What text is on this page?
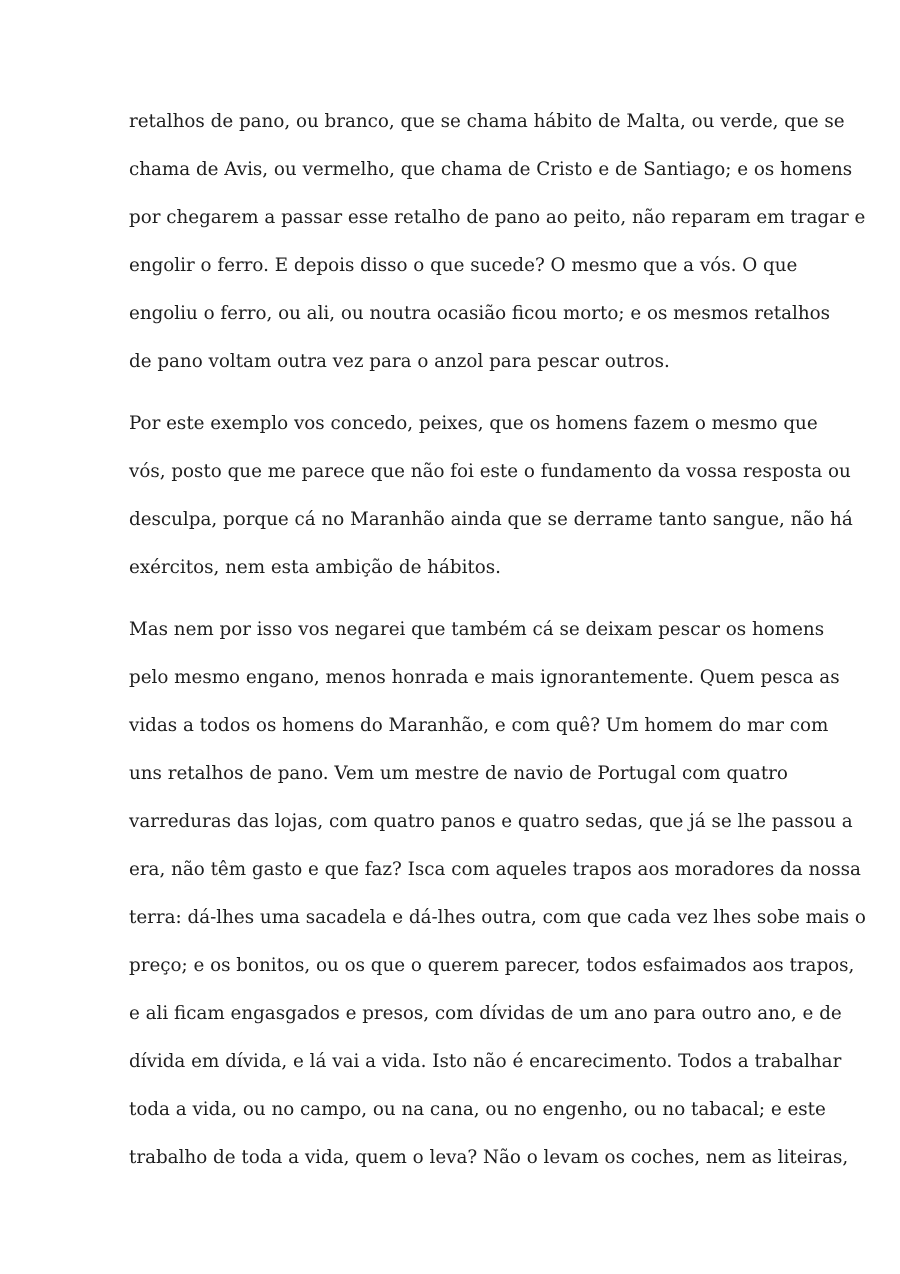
retalhos de pano, ou branco, que se chama hábito de Malta, ou verde, que se
chama de Avis, ou vermelho, que chama de Cristo e de Santiago; e os homens
por chegarem a passar esse retalho de pano ao peito, não reparam em tragar e
engolir o ferro. E depois disso o que sucede? O mesmo que a vós. O que
engoliu o ferro, ou ali, ou noutra ocasião ficou morto; e os mesmos retalhos
de pano voltam outra vez para o anzol para pescar outros.
Por este exemplo vos concedo, peixes, que os homens fazem o mesmo que
vós, posto que me parece que não foi este o fundamento da vossa resposta ou
desculpa, porque cá no Maranhão ainda que se derrame tanto sangue, não há
exércitos, nem esta ambição de hábitos.
Mas nem por isso vos negarei que também cá se deixam pescar os homens
pelo mesmo engano, menos honrada e mais ignorantemente. Quem pesca as
vidas a todos os homens do Maranhão, e com quê? Um homem do mar com
uns retalhos de pano. Vem um mestre de navio de Portugal com quatro
varreduras das lojas, com quatro panos e quatro sedas, que já se lhe passou a
era, não têm gasto e que faz? Isca com aqueles trapos aos moradores da nossa
terra: dá-lhes uma sacadela e dá-lhes outra, com que cada vez lhes sobe mais o
preço; e os bonitos, ou os que o querem parecer, todos esfaimados aos trapos,
e ali ficam engasgados e presos, com dívidas de um ano para outro ano, e de
dívida em dívida, e lá vai a vida. Isto não é encarecimento. Todos a trabalhar
toda a vida, ou no campo, ou na cana, ou no engenho, ou no tabacal; e este
trabalho de toda a vida, quem o leva? Não o levam os coches, nem as liteiras,
